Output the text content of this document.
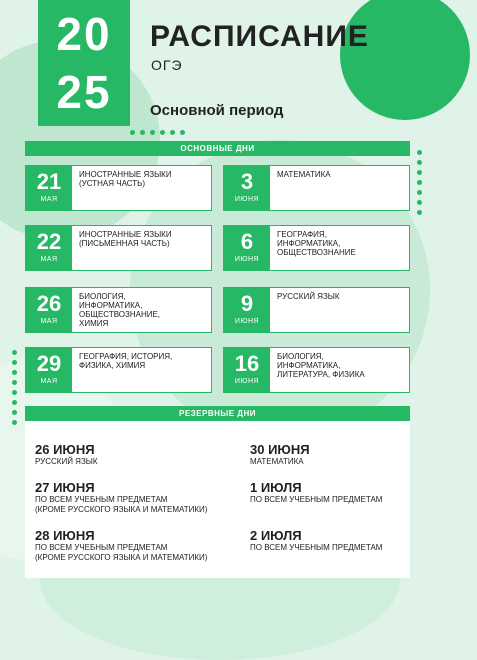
20
25
РАСПИСАНИЕ
ОГЭ
Основной период
ОСНОВНЫЕ ДНИ
21
МАЯ
ИНОСТРАННЫЕ ЯЗЫКИ
(УСТНАЯ ЧАСТЬ)	3
ИЮНЯ
МАТЕМАТИКА
22
МАЯ
ИНОСТРАННЫЕ ЯЗЫКИ
(ПИСЬМЕННАЯ ЧАСТЬ)	6
ИЮНЯ
ГЕОГРАФИЯ,
ИНФОРМАТИКА,
ОБЩЕСТВОЗНАНИЕ
26
МАЯ
БИОЛОГИЯ,
ИНФОРМАТИКА,
ОБЩЕСТВОЗНАНИЕ,
ХИМИЯ
9
ИЮНЯ
РУССКИЙ ЯЗЫК
29
МАЯ
ГЕОГРАФИЯ, ИСТОРИЯ,
ФИЗИКА, ХИМИЯ	16
ИЮНЯ
БИОЛОГИЯ,
ИНФОРМАТИКА,
ЛИТЕРАТУРА, ФИЗИКА
РЕЗЕРВНЫЕ ДНИ
26 ИЮНЯ
РУССКИЙ ЯЗЫК
30 ИЮНЯ
МАТЕМАТИКА
27 ИЮНЯ
ПО ВСЕМ УЧЕБНЫМ ПРЕДМЕТАМ
(КРОМЕ РУССКОГО ЯЗЫКА И МАТЕМАТИКИ)
1 ИЮЛЯ
ПО ВСЕМ УЧЕБНЫМ ПРЕДМЕТАМ
28 ИЮНЯ
ПО ВСЕМ УЧЕБНЫМ ПРЕДМЕТАМ
(КРОМЕ РУССКОГО ЯЗЫКА И МАТЕМАТИКИ)
2 ИЮЛЯ
ПО ВСЕМ УЧЕБНЫМ ПРЕДМЕТАМ
